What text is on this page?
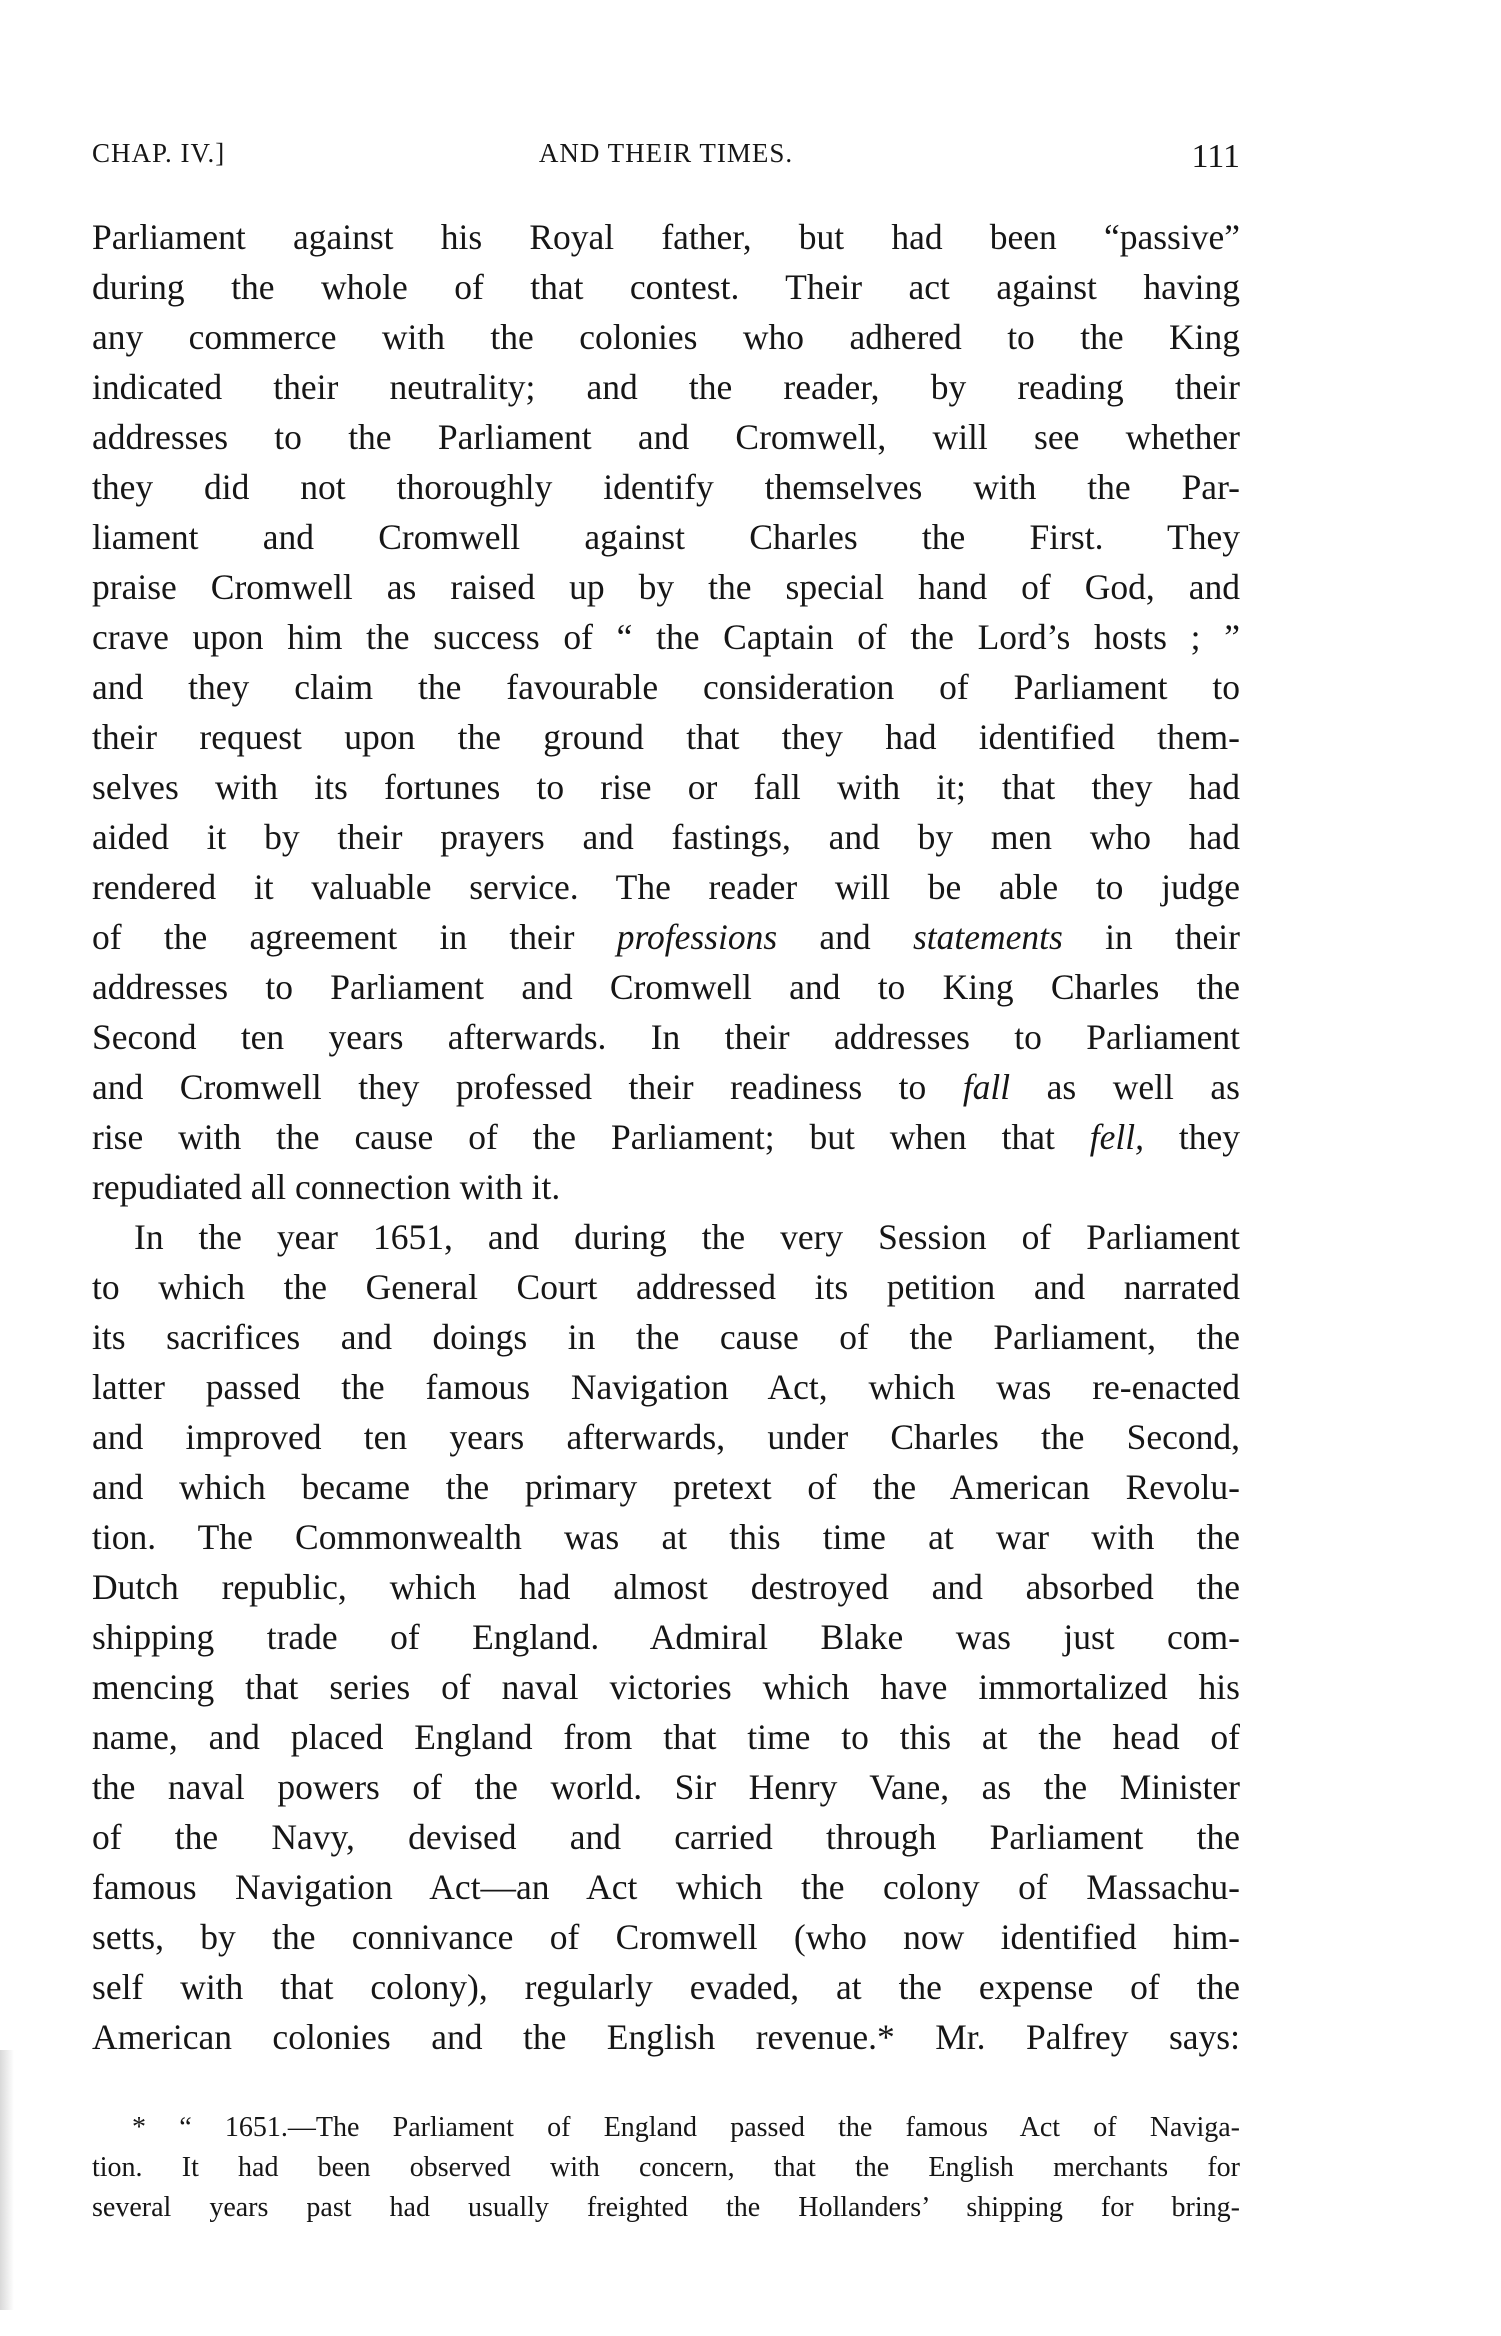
CHAP. IV.]	AND THEIR TIMES.	111
Parliament against his Royal father, but had been “passive”
during the whole of that contest. Their act against having
any commerce with the colonies who adhered to the King
indicated their neutrality; and the reader, by reading their
addresses to the Parliament and Cromwell, will see whether
they did not thoroughly identify themselves with the Par-
liament and Cromwell against Charles the First. They
praise Cromwell as raised up by the special hand of God, and
crave upon him the success of “ the Captain of the Lord’s hosts ; ”
and they claim the favourable consideration of Parliament to
their request upon the ground that they had identified them-
selves with its fortunes to rise or fall with it; that they had
aided it by their prayers and fastings, and by men who had
rendered it valuable service. The reader will be able to judge
of the agreement in their professions and statements in their
addresses to Parliament and Cromwell and to King Charles the
Second ten years afterwards. In their addresses to Parliament
and Cromwell they professed their readiness to fall as well as
rise with the cause of the Parliament; but when that fell, they
repudiated all connection with it.
In the year 1651, and during the very Session of Parliament
to which the General Court addressed its petition and narrated
its sacrifices and doings in the cause of the Parliament, the
latter passed the famous Navigation Act, which was re-enacted
and improved ten years afterwards, under Charles the Second,
and which became the primary pretext of the American Revolu-
tion. The Commonwealth was at this time at war with the
Dutch republic, which had almost destroyed and absorbed the
shipping trade of England. Admiral Blake was just com-
mencing that series of naval victories which have immortalized his
name, and placed England from that time to this at the head of
the naval powers of the world. Sir Henry Vane, as the Minister
of the Navy, devised and carried through Parliament the
famous Navigation Act—an Act which the colony of Massachu-
setts, by the connivance of Cromwell (who now identified him-
self with that colony), regularly evaded, at the expense of the
American colonies and the English revenue.* Mr. Palfrey says:
* “ 1651.—The Parliament of England passed the famous Act of Naviga-
tion. It had been observed with concern, that the English merchants for
several years past had usually freighted the Hollanders’ shipping for bring-
